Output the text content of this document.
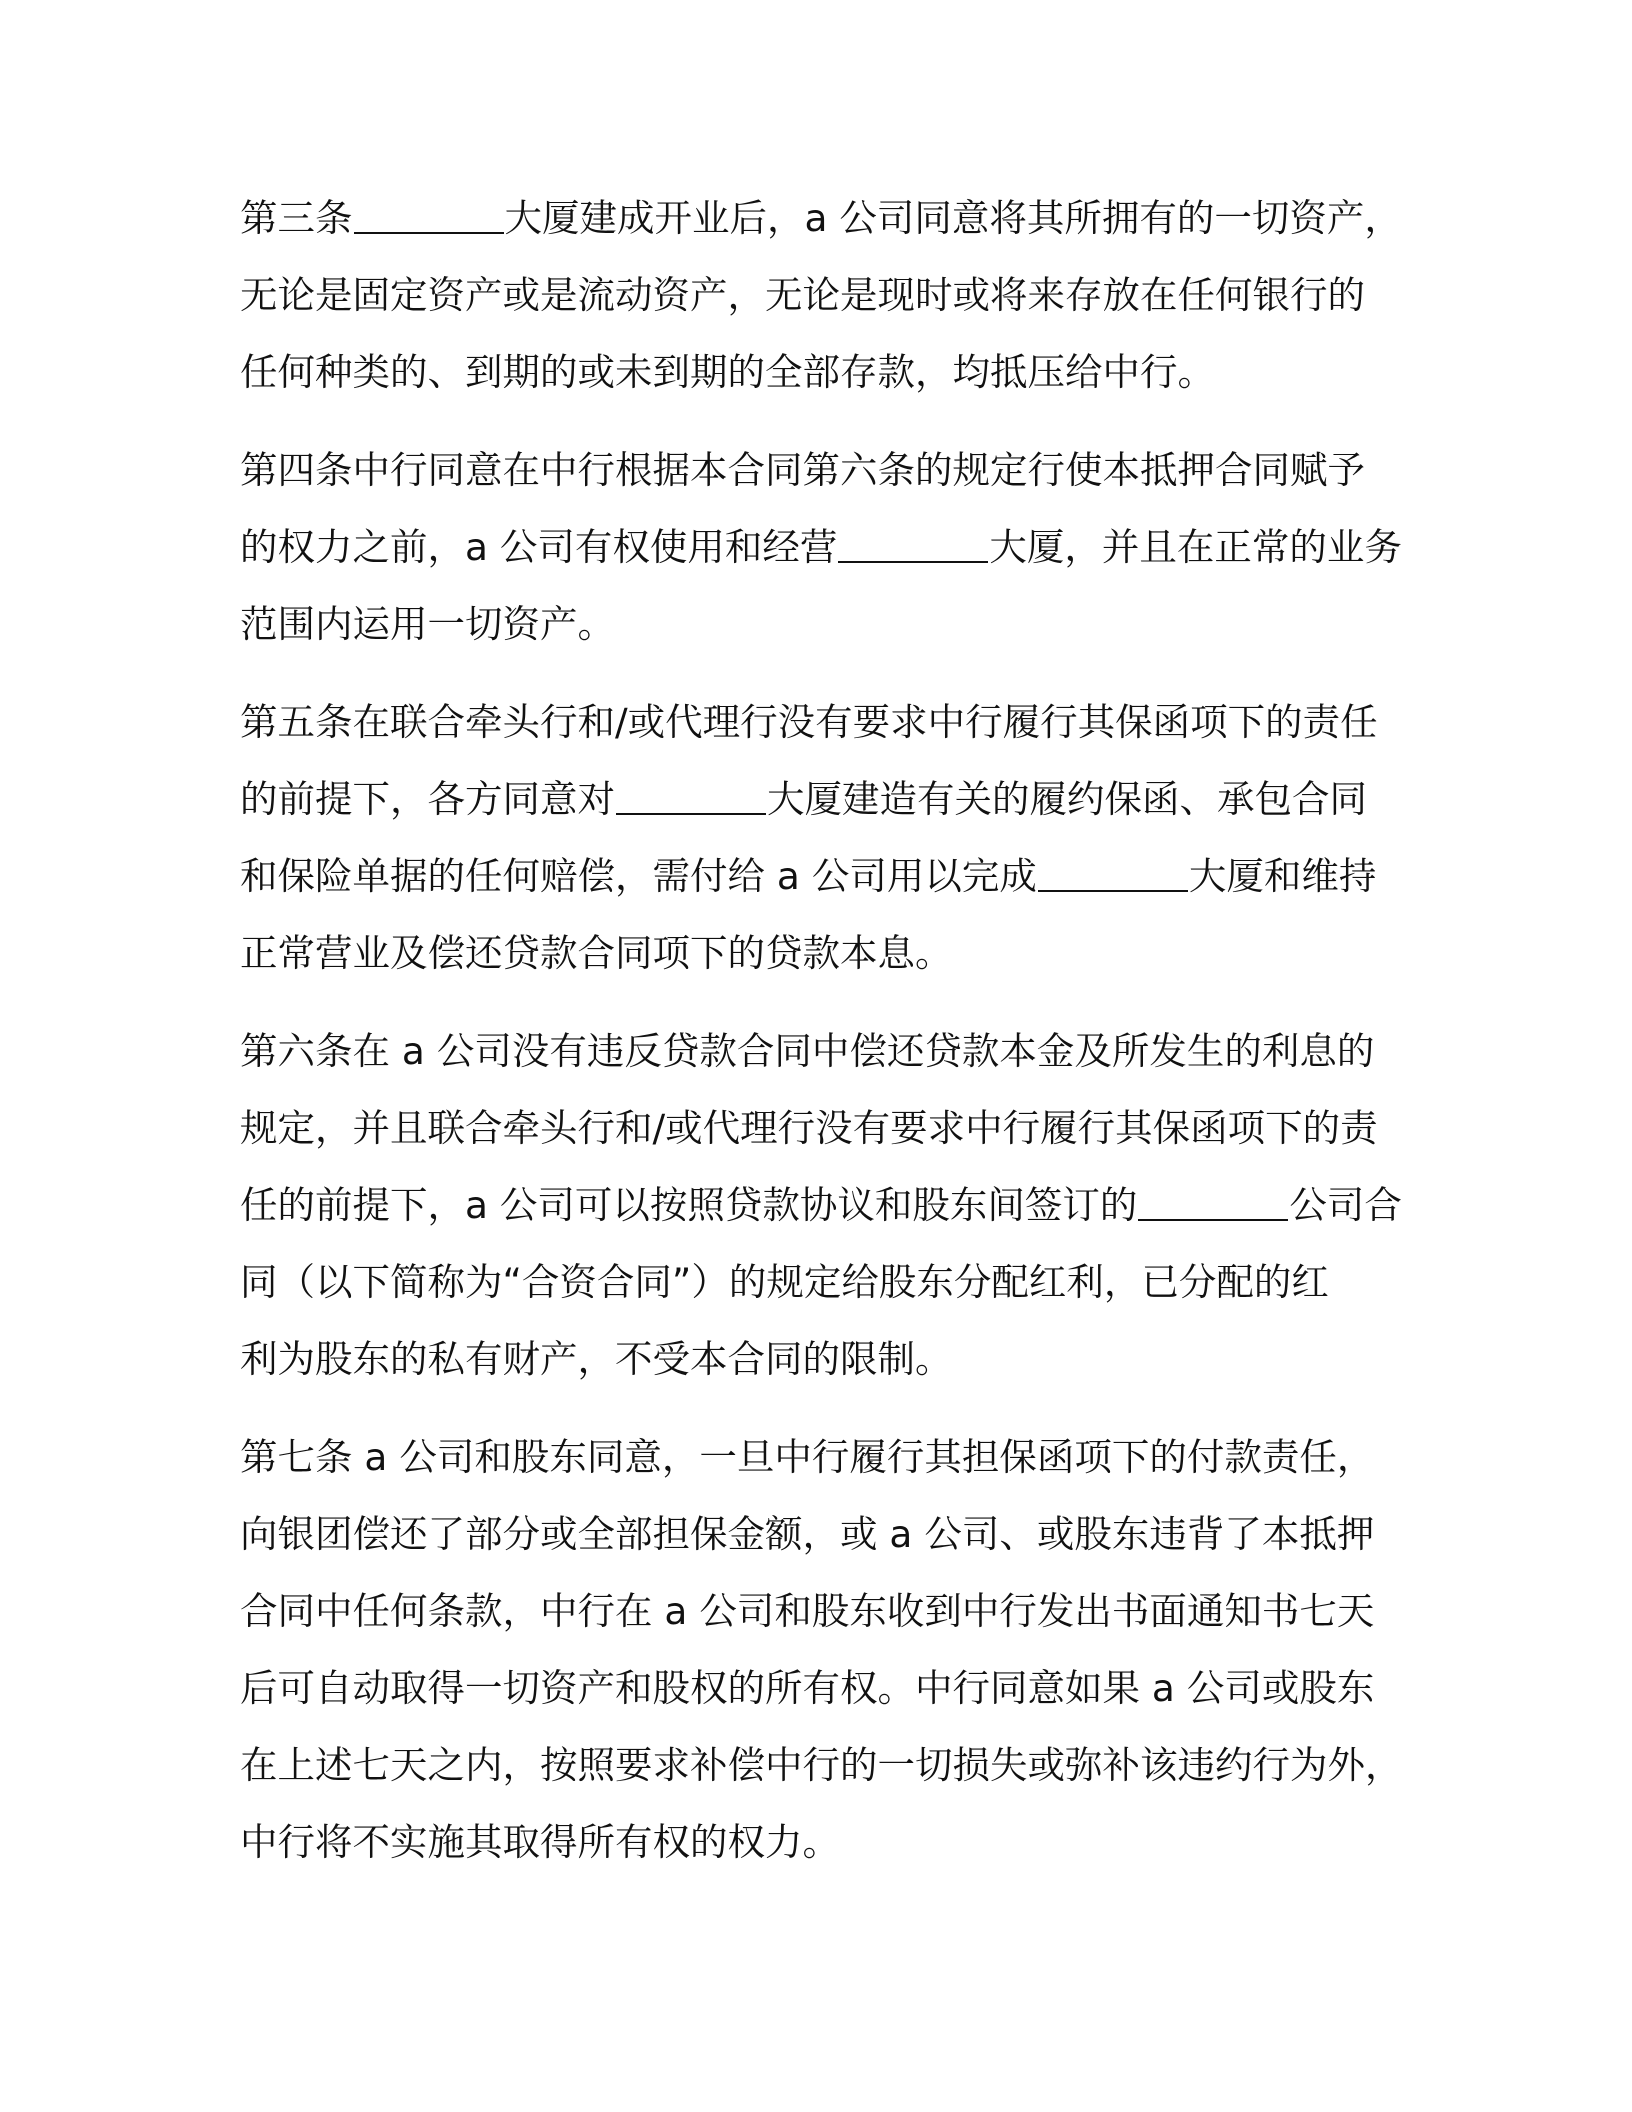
第三条	大厦建成开业后，a 公司同意将其所拥有的一切资产，
无论是固定资产或是流动资产，无论是现时或将来存放在任何银行的
任何种类的、到期的或未到期的全部存款，均抵压给中行。
第四条中行同意在中行根据本合同第六条的规定行使本抵押合同赋予
的权力之前，a 公司有权使用和经营	大厦，并且在正常的业务
范围内运用一切资产。
第五条在联合牵头行和/或代理行没有要求中行履行其保函项下的责任
的前提下，各方同意对	大厦建造有关的履约保函、承包合同
和保险单据的任何赔偿，需付给 a 公司用以完成	大厦和维持
正常营业及偿还贷款合同项下的贷款本息。
第六条在 a 公司没有违反贷款合同中偿还贷款本金及所发生的利息的
规定，并且联合牵头行和/或代理行没有要求中行履行其保函项下的责
任的前提下，a 公司可以按照贷款协议和股东间签订的	公司合
同（以下简称为“合资合同”）的规定给股东分配红利，已分配的红
利为股东的私有财产，不受本合同的限制。
第七条 a 公司和股东同意，一旦中行履行其担保函项下的付款责任，
向银团偿还了部分或全部担保金额，或 a 公司、或股东违背了本抵押
合同中任何条款，中行在 a 公司和股东收到中行发出书面通知书七天
后可自动取得一切资产和股权的所有权。中行同意如果 a 公司或股东
在上述七天之内，按照要求补偿中行的一切损失或弥补该违约行为外，
中行将不实施其取得所有权的权力。
